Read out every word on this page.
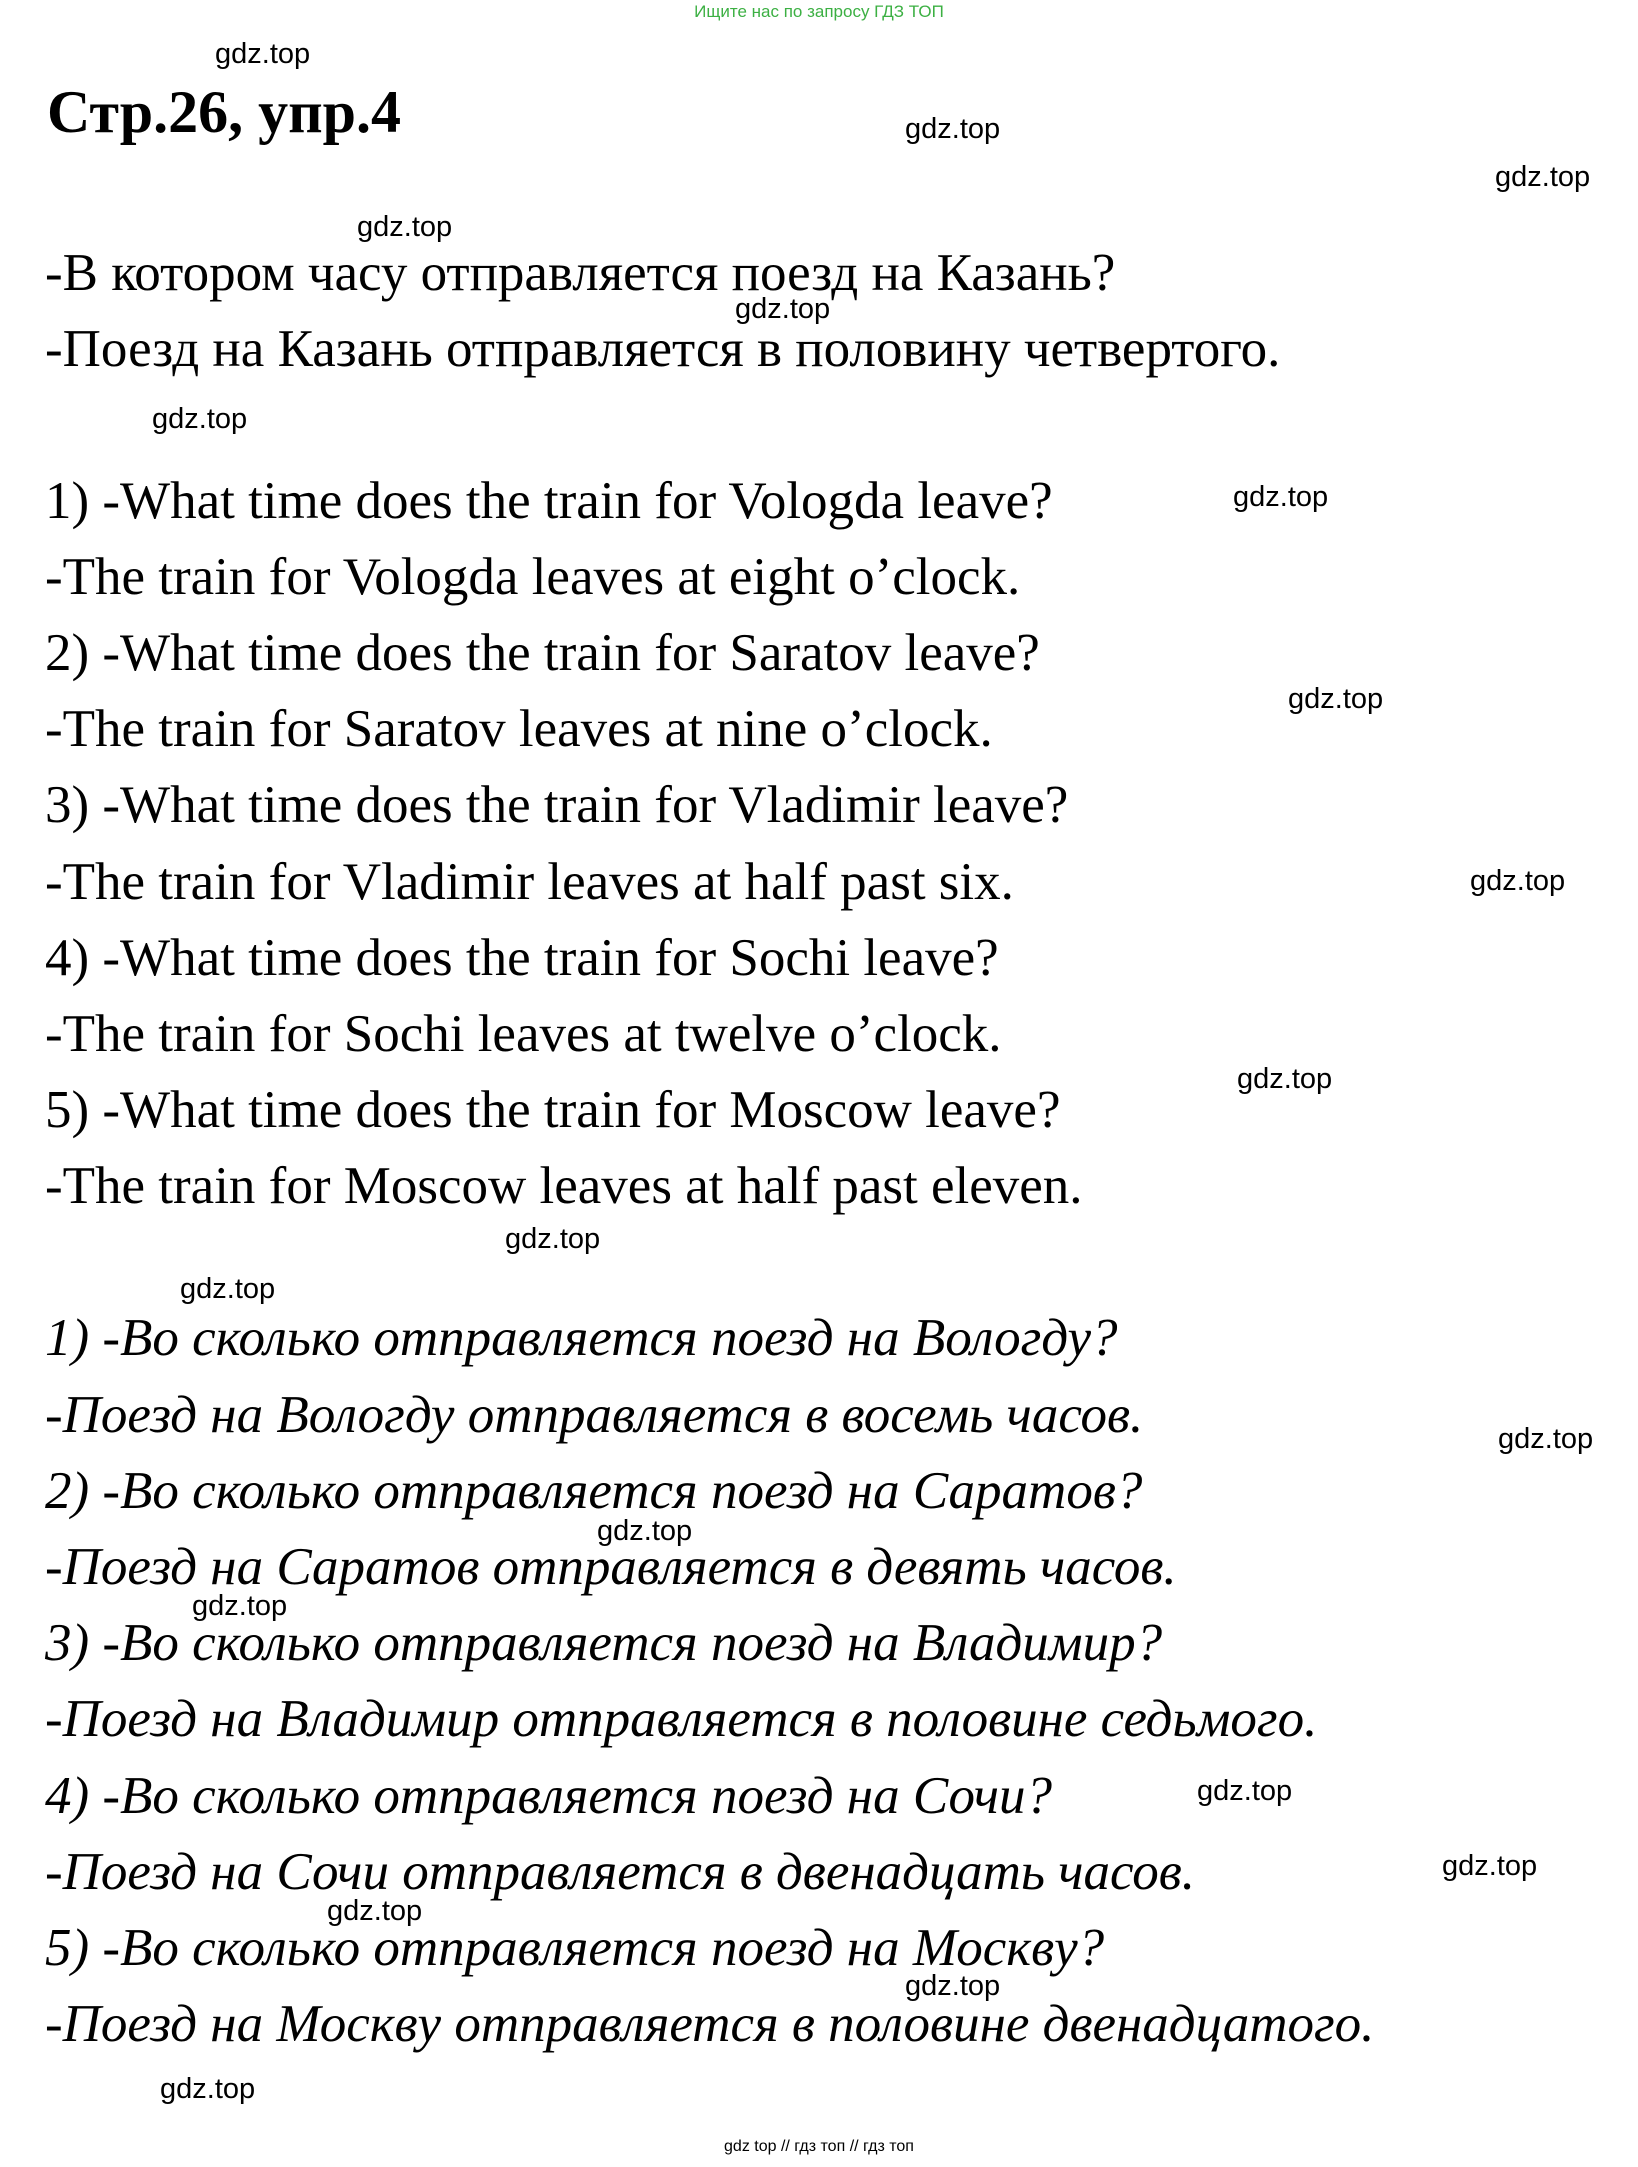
Ищите нас по запросу ГДЗ ТОП
Стр.26, упр.4
-В котором часу отправляется поезд на Казань?
-Поезд на Казань отправляется в половину четвертого.
1) -What time does the train for Vologda leave?
-The train for Vologda leaves at eight o’clock.
2) -What time does the train for Saratov leave?
-The train for Saratov leaves at nine o’clock.
3) -What time does the train for Vladimir leave?
-The train for Vladimir leaves at half past six.
4) -What time does the train for Sochi leave?
-The train for Sochi leaves at twelve o’clock.
5) -What time does the train for Moscow leave?
-The train for Moscow leaves at half past eleven.
1) -Во сколько отправляется поезд на Вологду?
-Поезд на Вологду отправляется в восемь часов.
2) -Во сколько отправляется поезд на Саратов?
-Поезд на Саратов отправляется в девять часов.
3) -Во сколько отправляется поезд на Владимир?
-Поезд на Владимир отправляется в половине седьмого.
4) -Во сколько отправляется поезд на Сочи?
-Поезд на Сочи отправляется в двенадцать часов.
5) -Во сколько отправляется поезд на Москву?
-Поезд на Москву отправляется в половине двенадцатого.
gdz.top
gdz.top
gdz.top
gdz.top
gdz.top
gdz.top
gdz.top
gdz.top
gdz.top
gdz.top
gdz.top
gdz.top
gdz.top
gdz.top
gdz.top
gdz.top
gdz.top
gdz.top
gdz.top
gdz.top
gdz top // гдз топ // гдз топ
